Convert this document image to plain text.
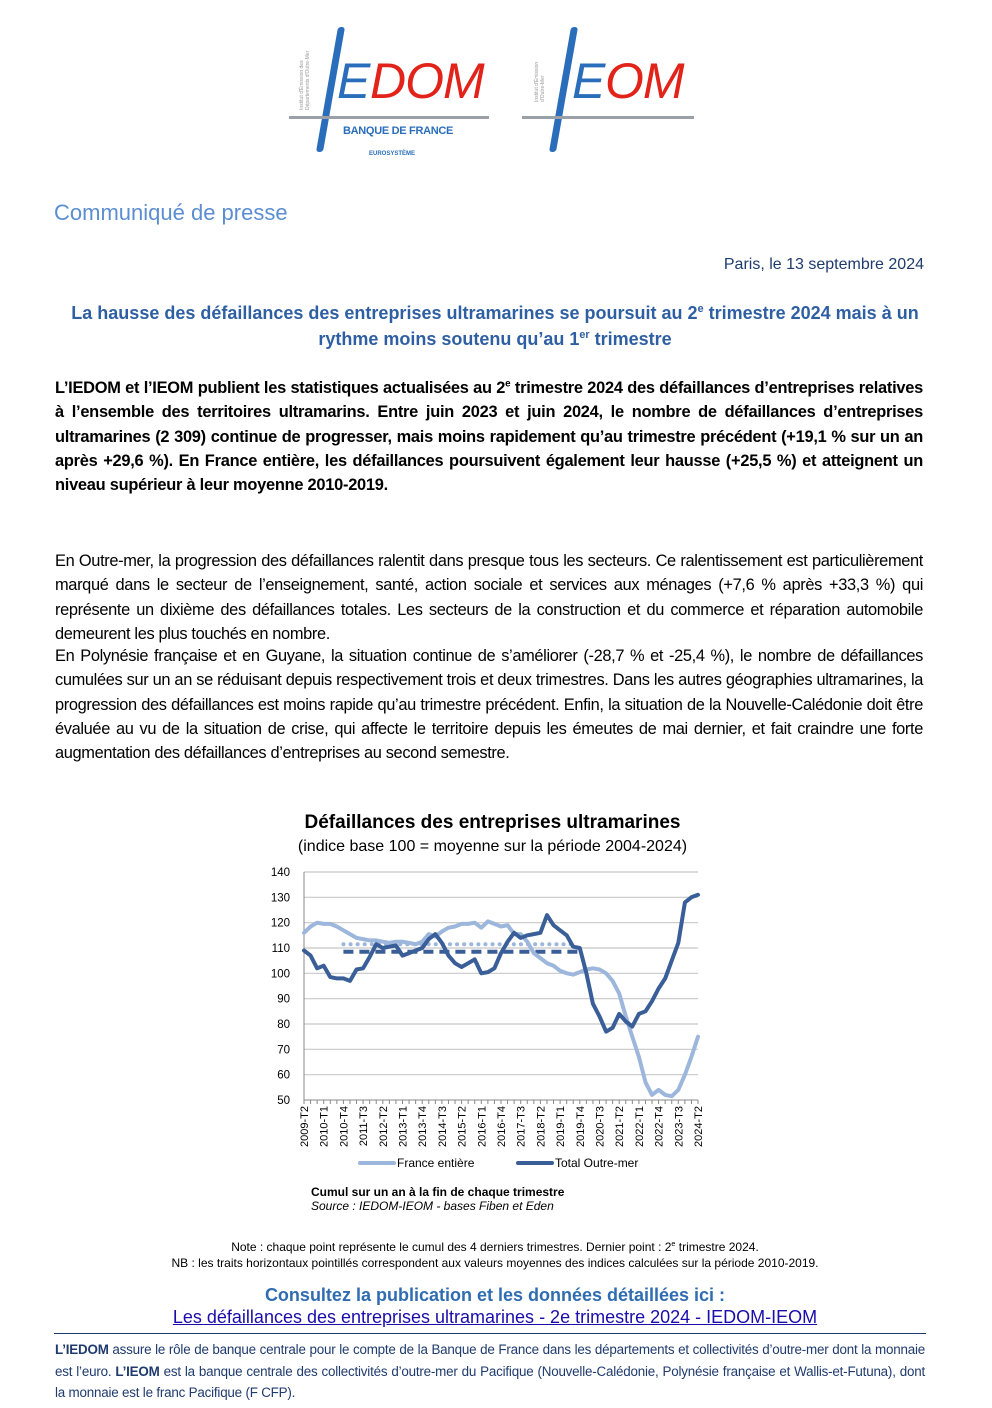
Institut d'Émission des
Départements d'Outre-Mer E DOM
BANQUE DE FRANCE
EUROSYSTÈME
Institut d'Émission
d'Outre-Mer E OM
Communiqué de presse
Paris, le 13 septembre 2024
La hausse des défaillances des entreprises ultramarines se poursuit au 2e trimestre 2024 mais à un rythme moins soutenu qu’au 1er trimestre
L’IEDOM et l’IEOM publient les statistiques actualisées au 2e trimestre 2024 des défaillances d’entreprises relatives à l’ensemble des territoires ultramarins. Entre juin 2023 et juin 2024, le nombre de défaillances d’entreprises ultramarines (2 309) continue de progresser, mais moins rapidement qu’au trimestre précédent (+19,1 % sur un an après +29,6 %). En France entière, les défaillances poursuivent également leur hausse (+25,5 %) et atteignent un niveau supérieur à leur moyenne 2010-2019.
En Outre-mer, la progression des défaillances ralentit dans presque tous les secteurs. Ce ralentissement est particulièrement marqué dans le secteur de l’enseignement, santé, action sociale et services aux ménages (+7,6 % après +33,3 %) qui représente un dixième des défaillances totales. Les secteurs de la construction et du commerce et réparation automobile demeurent les plus touchés en nombre.
En Polynésie française et en Guyane, la situation continue de s’améliorer (-28,7 % et -25,4 %), le nombre de défaillances cumulées sur un an se réduisant depuis respectivement trois et deux trimestres. Dans les autres géographies ultramarines, la progression des défaillances est moins rapide qu’au trimestre précédent. Enfin, la situation de la Nouvelle-Calédonie doit être évaluée au vu de la situation de crise, qui affecte le territoire depuis les émeutes de mai dernier, et fait craindre une forte augmentation des défaillances d’entreprises au second semestre.
Défaillances des entreprises ultramarines
(indice base 100 = moyenne sur la période 2004-2024)
50
60
70
80
90
100
110
120
130
140
2009-T2 2010-T1 2010-T4 2011-T3 2012-T2 2013-T1 2013-T4 2014-T3 2015-T2 2016-T1 2016-T4 2017-T3 2018-T2 2019-T1 2019-T4 2020-T3 2021-T2 2022-T1 2022-T4 2023-T3 2024-T2
France entière	Total Outre-mer
Cumul sur un an à la fin de chaque trimestre
Source : IEDOM-IEOM - bases Fiben et Eden
Note : chaque point représente le cumul des 4 derniers trimestres. Dernier point : 2e trimestre 2024.
NB : les traits horizontaux pointillés correspondent aux valeurs moyennes des indices calculées sur la période 2010-2019.
Consultez la publication et les données détaillées ici :
Les défaillances des entreprises ultramarines - 2e trimestre 2024 - IEDOM-IEOM
L’IEDOM assure le rôle de banque centrale pour le compte de la Banque de France dans les départements et collectivités d’outre-mer dont la monnaie est l’euro. L’IEOM est la banque centrale des collectivités d’outre-mer du Pacifique (Nouvelle-Calédonie, Polynésie française et Wallis-et-Futuna), dont la monnaie est le franc Pacifique (F CFP).
